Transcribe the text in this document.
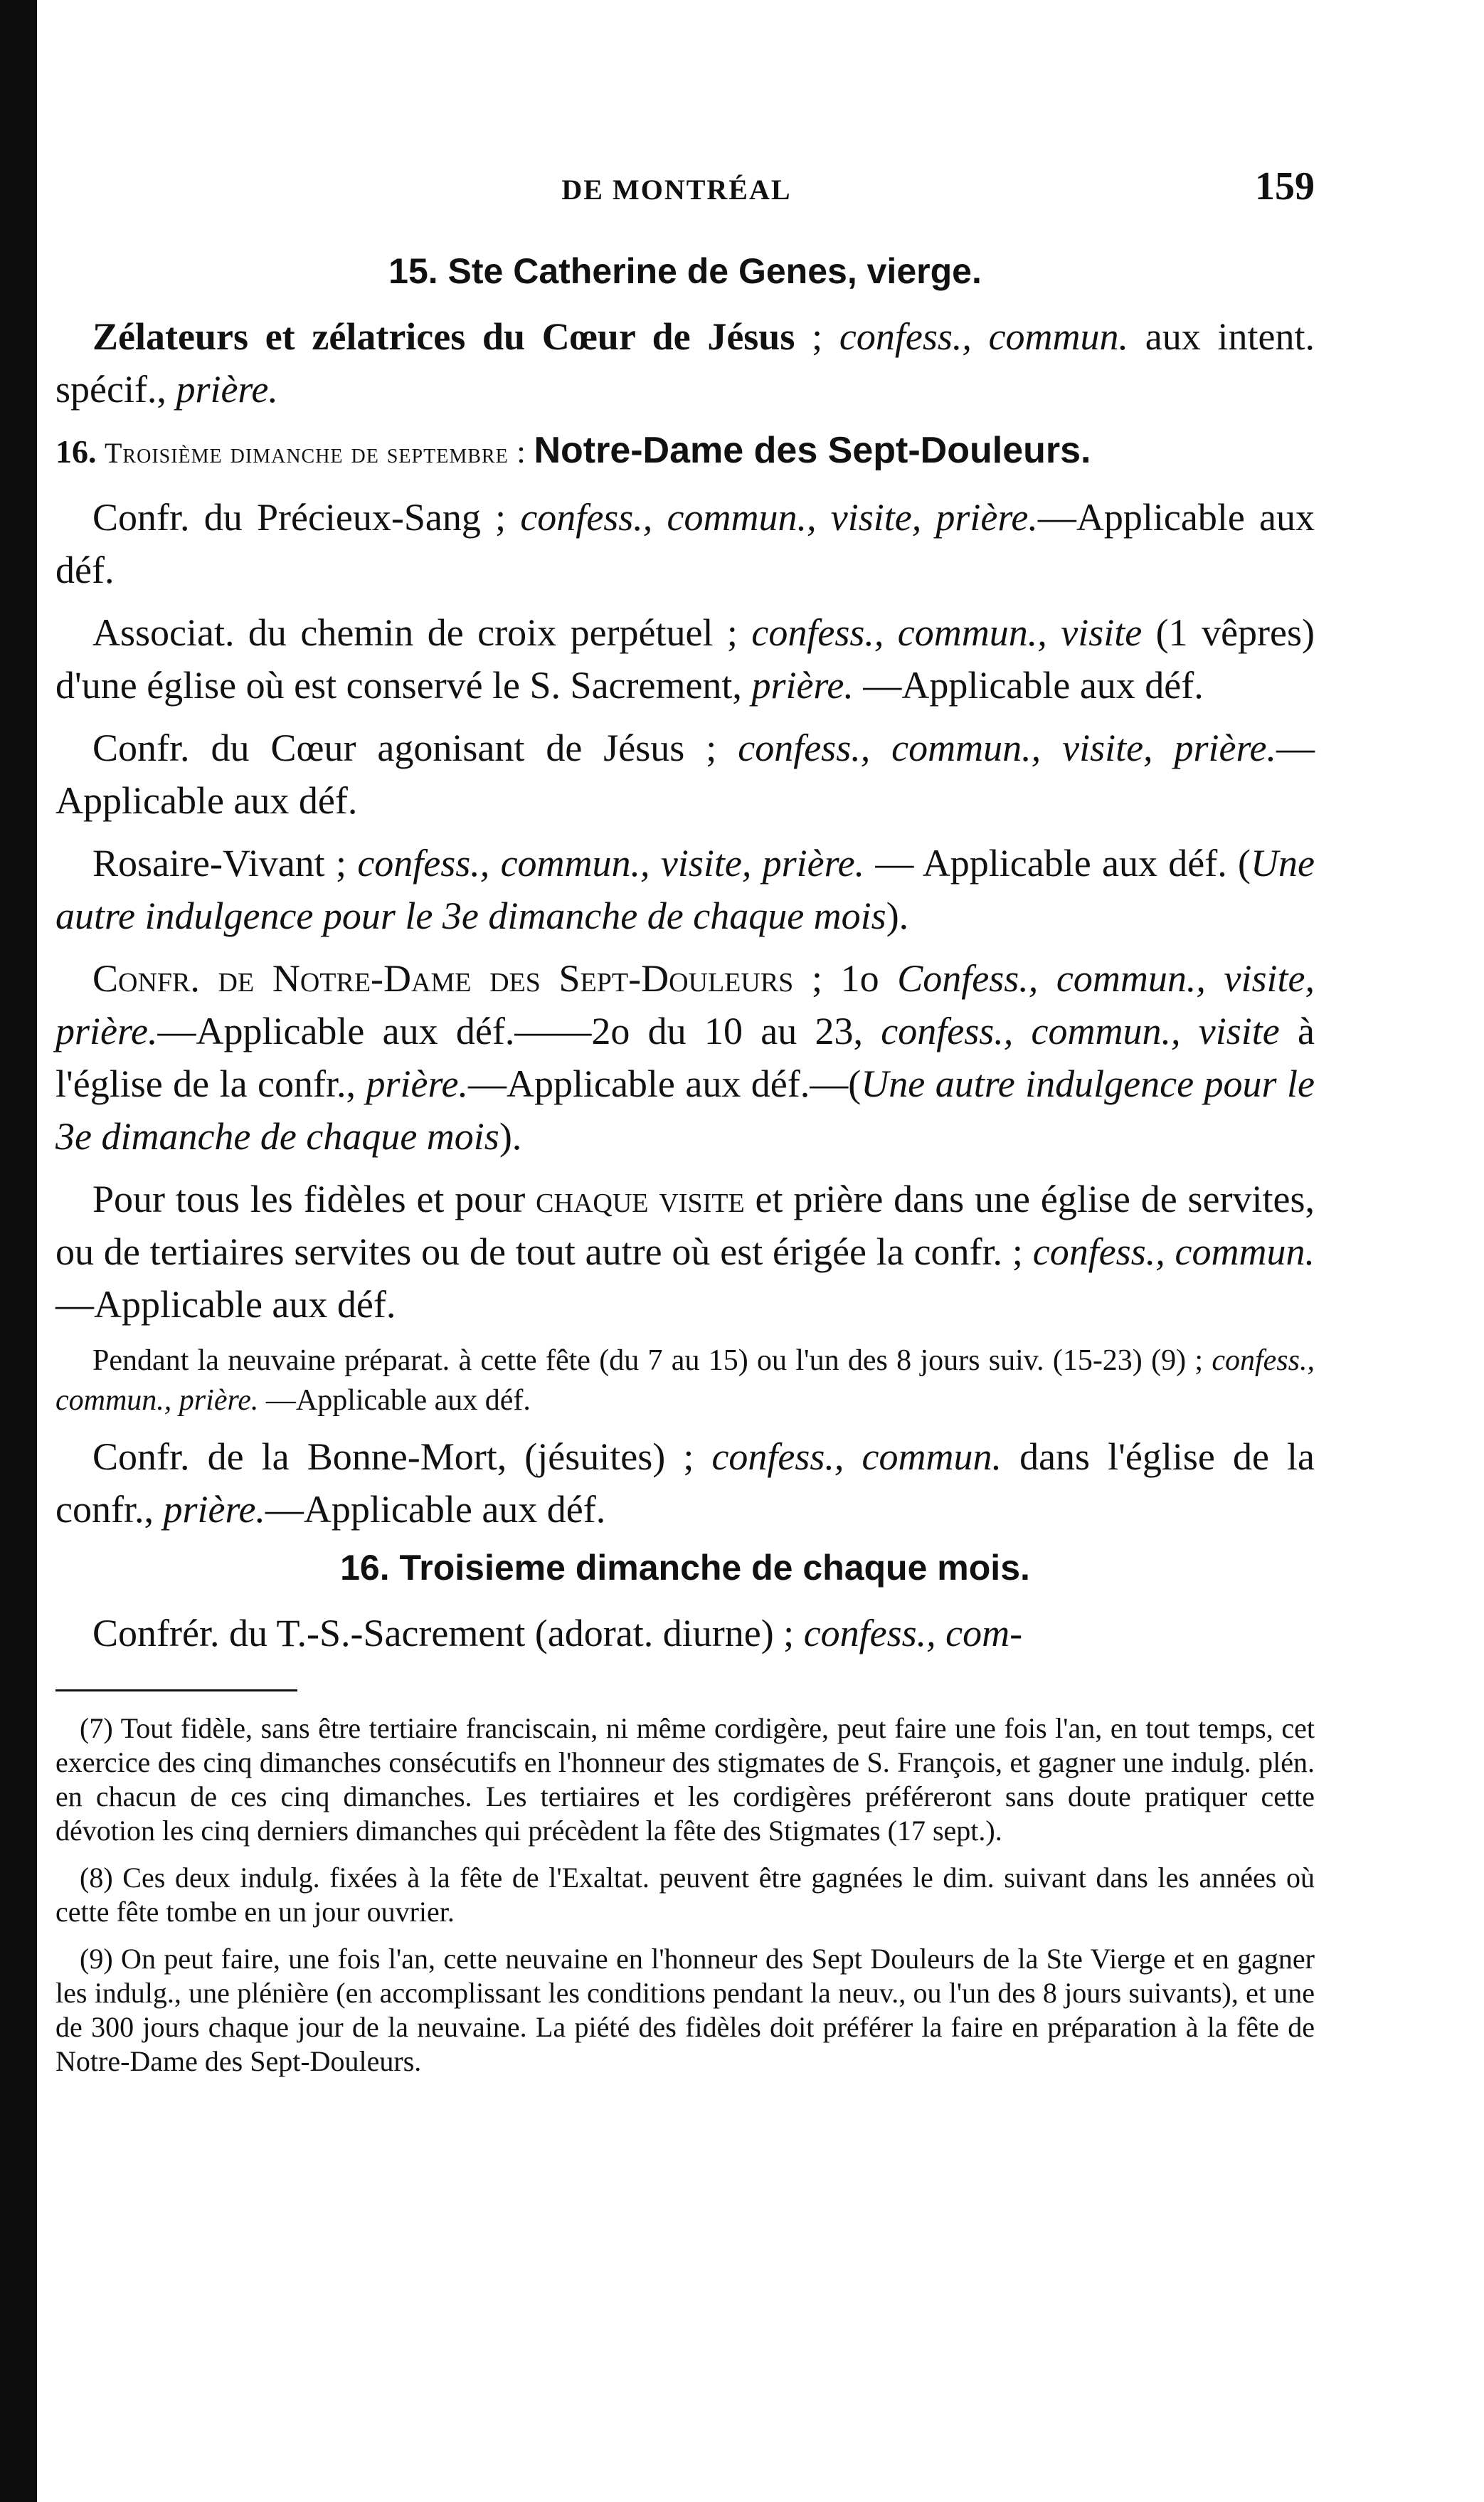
DE MONTRÉAL	159
15. Ste Catherine de Genes, vierge.

Zélateurs et zélatrices du Cœur de Jésus ; confess., commun. aux intent. spécif., prière.

16. Troisième dimanche de septembre : Notre-Dame des Sept-Douleurs.

Confr. du Précieux-Sang ; confess., commun., visite, prière.—Applicable aux déf.

Associat. du chemin de croix perpétuel ; confess., commun., visite (1 vêpres) d'une église où est conservé le S. Sacrement, prière. —Applicable aux déf.

Confr. du Cœur agonisant de Jésus ; confess., commun., visite, prière.—Applicable aux déf.

Rosaire-Vivant ; confess., commun., visite, prière. — Applicable aux déf. (Une autre indulgence pour le 3e dimanche de chaque mois).

Confr. de Notre-Dame des Sept-Douleurs ; 1o Confess., commun., visite, prière.—Applicable aux déf.——2o du 10 au 23, confess., commun., visite à l'église de la confr., prière.—Applicable aux déf.—(Une autre indulgence pour le 3e dimanche de chaque mois).

Pour tous les fidèles et pour chaque visite et prière dans une église de servites, ou de tertiaires servites ou de tout autre où est érigée la confr. ; confess., commun.—Applicable aux déf.

Pendant la neuvaine préparat. à cette fête (du 7 au 15) ou l'un des 8 jours suiv. (15-23) (9) ; confess., commun., prière. —Applicable aux déf.

Confr. de la Bonne-Mort, (jésuites) ; confess., commun. dans l'église de la confr., prière.—Applicable aux déf.

16. Troisieme dimanche de chaque mois.

Confrér. du T.-S.-Sacrement (adorat. diurne) ; confess., com-

(7) Tout fidèle, sans être tertiaire franciscain, ni même cordigère, peut faire une fois l'an, en tout temps, cet exercice des cinq dimanches consécutifs en l'honneur des stigmates de S. François, et gagner une indulg. plén. en chacun de ces cinq dimanches. Les tertiaires et les cordigères préféreront sans doute pratiquer cette dévotion les cinq derniers dimanches qui précèdent la fête des Stigmates (17 sept.).

(8) Ces deux indulg. fixées à la fête de l'Exaltat. peuvent être gagnées le dim. suivant dans les années où cette fête tombe en un jour ouvrier.

(9) On peut faire, une fois l'an, cette neuvaine en l'honneur des Sept Douleurs de la Ste Vierge et en gagner les indulg., une plénière (en accomplissant les conditions pendant la neuv., ou l'un des 8 jours suivants), et une de 300 jours chaque jour de la neuvaine. La piété des fidèles doit préférer la faire en préparation à la fête de Notre-Dame des Sept-Douleurs.
